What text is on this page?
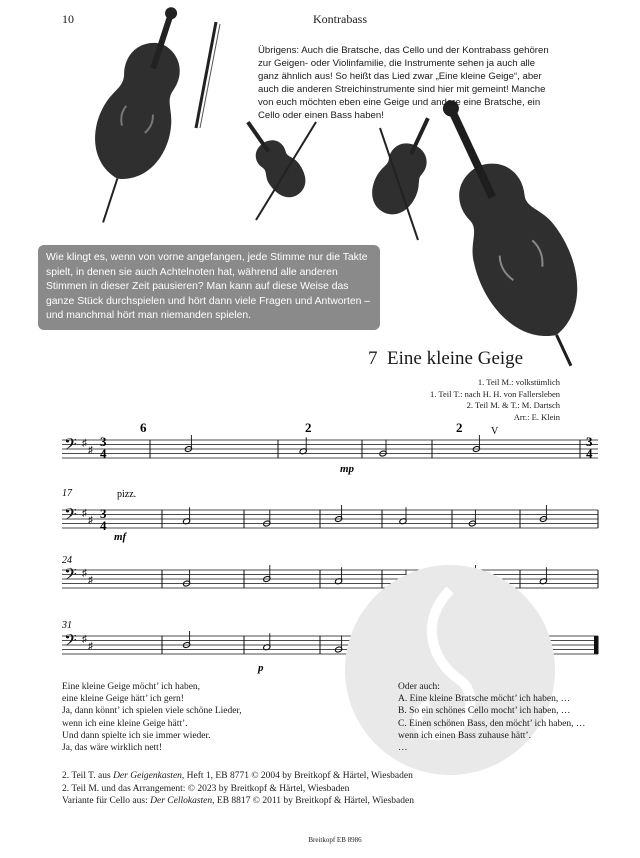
10	Kontrabass
Übrigens: Auch die Bratsche, das Cello und der Kontrabass gehören zur Geigen- oder Violinfamilie, die Instrumente sehen ja auch alle ganz ähnlich aus! So heißt das Lied zwar „Eine kleine Geige“, aber auch die anderen Streichinstrumente sind hier mit gemeint! Manche von euch möchten eben eine Geige und andere eine Bratsche, ein Cello oder einen Bass haben!
Wie klingt es, wenn von vorne angefangen, jede Stimme nur die Takte spielt, in denen sie auch Achtelnoten hat, während alle anderen Stimmen in dieser Zeit pausieren? Man kann auf diese Weise das ganze Stück durchspielen und hört dann viele Fragen und Antworten – und manchmal hört man niemanden spielen.
7 Eine kleine Geige
1. Teil M.: volkstümlich
1. Teil T.: nach H. H. von Fallersleben
2. Teil M. & T.: M. Dartsch
Arr.: E. Klein
𝄢 ♯
♯
𝄢 ♯
♯
𝄢 ♯
♯
𝄢 ♯
♯
3
4
3
4
3
4
6	2	2	V
mp
mf
p
pizz.
17
24
31
Eine kleine Geige möcht’ ich haben,
eine kleine Geige hätt’ ich gern!
Ja, dann könnt’ ich spielen viele schöne Lieder,
wenn ich eine kleine Geige hätt’.
Und dann spielte ich sie immer wieder.
Ja, das wäre wirklich nett!
Oder auch:
A. Eine kleine Bratsche möcht’ ich haben, …
B. So ein schönes Cello mocht’ ich haben, …
C. Einen schönen Bass, den möcht’ ich haben, …
wenn ich einen Bass zuhause hätt’.
…
2. Teil T. aus Der Geigenkasten, Heft 1, EB 8771 © 2004 by Breitkopf & Härtel, Wiesbaden
2. Teil M. und das Arrangement: © 2023 by Breitkopf & Härtel, Wiesbaden
Variante für Cello aus: Der Cellokasten, EB 8817 © 2011 by Breitkopf & Härtel, Wiesbaden
Breitkopf EB 8986
